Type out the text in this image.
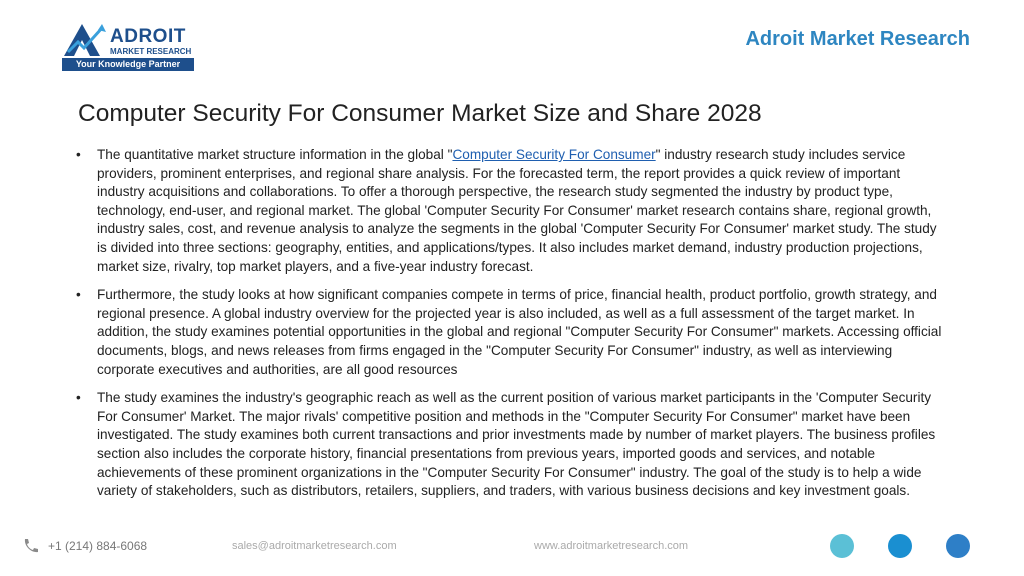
ADROIT
MARKET RESEARCH
Your Knowledge Partner
Adroit Market Research
Computer Security For Consumer Market Size and Share 2028
• The quantitative market structure information in the global "Computer Security For Consumer" industry research study includes service providers, prominent enterprises, and regional share analysis. For the forecasted term, the report provides a quick review of important industry acquisitions and collaborations. To offer a thorough perspective, the research study segmented the industry by product type, technology, end-user, and regional market. The global 'Computer Security For Consumer' market research contains share, regional growth, industry sales, cost, and revenue analysis to analyze the segments in the global 'Computer Security For Consumer' market study. The study is divided into three sections: geography, entities, and applications/types. It also includes market demand, industry production projections, market size, rivalry, top market players, and a five-year industry forecast.
• Furthermore, the study looks at how significant companies compete in terms of price, financial health, product portfolio, growth strategy, and regional presence. A global industry overview for the projected year is also included, as well as a full assessment of the target market. In addition, the study examines potential opportunities in the global and regional "Computer Security For Consumer" markets. Accessing official documents, blogs, and news releases from firms engaged in the "Computer Security For Consumer" industry, as well as interviewing corporate executives and authorities, are all good resources
• The study examines the industry's geographic reach as well as the current position of various market participants in the 'Computer Security For Consumer' Market. The major rivals' competitive position and methods in the "Computer Security For Consumer" market have been investigated. The study examines both current transactions and prior investments made by number of market players. The business profiles section also includes the corporate history, financial presentations from previous years, imported goods and services, and notable achievements of these prominent organizations in the "Computer Security For Consumer" industry. The goal of the study is to help a wide variety of stakeholders, such as distributors, retailers, suppliers, and traders, with various business decisions and key investment goals.
+1 (214) 884-6068	sales@adroitmarketresearch.com	www.adroitmarketresearch.com
